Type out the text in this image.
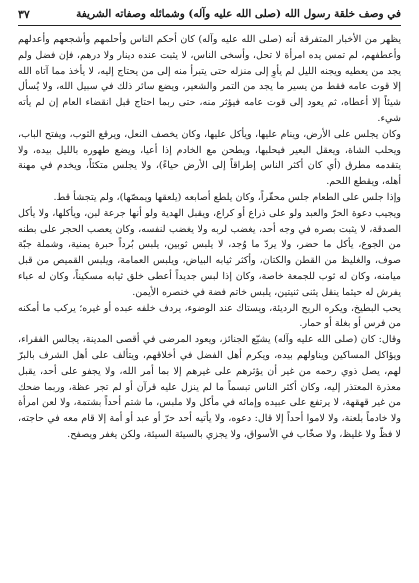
في وصف خلقة رسول الله (صلى الله عليه وآله) وشمائله وصفاته الشريفة
٣٧

يظهر من الأخبار المتفرقة أنه (صلى الله عليه وآله) كان أحكم الناس وأحلمهم وأشجعهم وأعدلهم وأعطفهم، لم تمس يده امرأة لا تحل، وأسخى الناس، لا يثبت عنده دينار ولا درهم، فإن فضل ولم يجد من يعطيه ويجنه الليل لم يأوِ إلى منزله حتى يتبرأ منه إلى من يحتاج إليه، لا يأخذ مما آتاه الله إلا قوت عامه فقط من يسير ما يجد من التمر والشعير، ويضع سائر ذلك في سبيل الله، ولا يُسأل شيئاً إلا أعطاه، ثم يعود إلى قوت عامه فيؤثر منه، حتى ربما احتاج قبل انقضاء العام إن لم يأته شيء.

وكان يجلس على الأرض، وينام عليها، ويأكل عليها، وكان يخصف النعل، ويرقع الثوب، ويفتح الباب، ويحلب الشاة، ويعقل البعير فيحلبها، ويطحن مع الخادم إذا أعيا، ويضع طهوره بالليل بيده، ولا يتقدمه مطرق (أي كان أكثر الناس إطراقاً إلى الأرض حياءً)، ولا يجلس متكئاً، ويخدم في مهنة أهله، ويقطع اللحم.

وإذا جلس على الطعام جلس محقّراً، وكان يلطع أصابعه (يلعقها ويمصّها)، ولم يتجشأ قط.

ويجيب دعوة الحرّ والعبد ولو على ذراع أو كراع، ويقبل الهدية ولو أنها جرعة لبن، ويأكلها، ولا يأكل الصدقة، لا يثبت بصره في وجه أحد، يغضب لربه ولا يغضب لنفسه، وكان يعصب الحجر على بطنه من الجوع، يأكل ما حضر، ولا يردّ ما وُجد، لا يلبس ثوبين، يلبس بُرداً حبرة يمنية، وشملة جبّة صوف، والغليظ من القطن والكتان، وأكثر ثيابه البياض، ويلبس العمامة، ويلبس القميص من قبل ميامنه، وكان له ثوب للجمعة خاصة، وكان إذا لبس جديداً أعطى خلق ثيابه مسكيناً، وكان له عباء يفرش له حيثما ينقل يثنى ثنيتين، يلبس خاتم فضة في خنصره الأيمن.

يحب البطيخ، ويكره الريح الرديئة، ويستاك عند الوضوء، يردف خلفه عبده أو غيره؛ يركب ما أمكنه من فرس أو بغلة أو حمار.

وقال: كان (صلى الله عليه وآله) يشيّع الجنائز، ويعود المرضى في أقصى المدينة، يجالس الفقراء، ويؤاكل المساكين ويناولهم بيده، ويكرم أهل الفضل في أخلاقهم، ويتألف على أهل الشرف بالبرّ لهم، يصل ذوي رحمه من غير أن يؤثرهم على غيرهم إلا بما أمر الله، ولا يجفو على أحد، يقبل معذرة المعتذر إليه، وكان أكثر الناس تبسماً ما لم ينزل عليه قرآن أو لم تجر عظة، وربما ضحك من غير قهقهة، لا يرتفع على عبيده وإمائه في مأكل ولا ملبس، ما شتم أحداً بشتمة، ولا لعن امرأة ولا خادماً بلعنة، ولا لاموا أحداً إلا قال: دعوه، ولا يأتيه أحد حرّ أو عبد أو أمة إلا قام معه في حاجته، لا فظّ ولا غليظ، ولا صخّاب في الأسواق، ولا يجزي بالسيئة السيئة، ولكن يغفر ويصفح.
